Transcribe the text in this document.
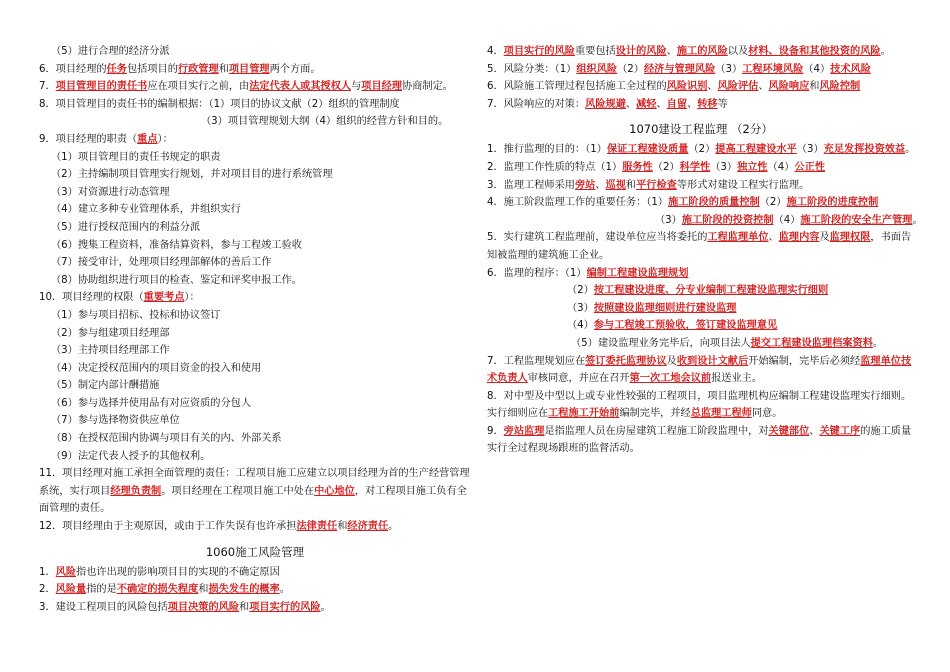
（5）进行合理的经济分派

6．项目经理的任务包括项目的行政管理和项目管理两个方面。

7．项目管理目的责任书应在项目实行之前，由法定代表人或其授权人与项目经理协商制定。

8．项目管理目的责任书的编制根据：（1）项目的协议文献（2）组织的管理制度

（3）项目管理规划大纲（4）组织的经营方针和目的。

9．项目经理的职责（重点）：

（1）项目管理目的责任书规定的职责

（2）主持编制项目管理实行规划，并对项目目的进行系统管理

（3）对资源进行动态管理

（4）建立多种专业管理体系，并组织实行

（5）进行授权范围内的利益分派

（6）搜集工程资料，准备结算资料，参与工程竣工验收

（7）接受审计，处理项目经理部解体的善后工作

（8）协助组织进行项目的检查、鉴定和评奖申报工作。

10．项目经理的权限（重要考点）：

（1）参与项目招标、投标和协议签订

（2）参与组建项目经理部

（3）主持项目经理部工作

（4）决定授权范围内的项目资金的投入和使用

（5）制定内部计酬措施

（6）参与选择并使用品有对应资质的分包人

（7）参与选择物资供应单位

（8）在授权范围内协调与项目有关的内、外部关系

（9）法定代表人授予的其他权利。

11．项目经理对施工承担全面管理的责任：工程项目施工应建立以项目经理为首的生产经营管理系统，实行项目经理负责制。项目经理在工程项目施工中处在中心地位，对工程项目施工负有全面管理的责任。

12．项目经理由于主观原因，或由于工作失误有也许承担法律责任和经济责任。

1060施工风险管理

1．风险指也许出现的影响项目目的实现的不确定原因

2．风险量指的是不确定的损失程度和损失发生的概率。

3．建设工程项目的风险包括项目决策的风险和项目实行的风险。

4．项目实行的风险重要包括设计的风险、施工的风险以及材料、设备和其他投资的风险。

5．风险分类：（1）组织风险（2）经济与管理风险（3）工程环境风险（4）技术风险

6．风险施工管理过程包括施工全过程的风险识别、风险评估、风险响应和风险控制

7．风险响应的对策：风险规避、减轻、自留、转移等

1070建设工程监理 （2分）

1．推行监理的目的：（1）保证工程建设质量（2）提高工程建设水平（3）充足发挥投资效益。

2．监理工作性质的特点（1）服务性（2）科学性（3）独立性（4）公正性

3．监理工程师采用旁站、巡视和平行检查等形式对建设工程实行监理。

4．施工阶段监理工作的重要任务：（1）施工阶段的质量控制（2）施工阶段的进度控制

（3）施工阶段的投资控制（4）施工阶段的安全生产管理。

5．实行建筑工程监理前，建设单位应当将委托的工程监理单位、监理内容及监理权限，书面告知被监理的建筑施工企业。

6．监理的程序：（1）编制工程建设监理规划

（2）按工程建设进度、分专业编制工程建设监理实行细则

（3）按照建设监理细则进行建设监理

（4）参与工程竣工预验收，签订建设监理意见

（5）建设监理业务完毕后，向项目法人提交工程建设监理档案资料。

7．工程监理规划应在签订委托监理协议及收到设计文献后开始编制，完毕后必须经监理单位技术负责人审核同意，并应在召开第一次工地会议前报送业主。

8．对中型及中型以上或专业性较强的工程项目，项目监理机构应编制工程建设监理实行细则。实行细则应在工程施工开始前编制完毕，并经总监理工程师同意。

9．旁站监理是指监理人员在房屋建筑工程施工阶段监理中，对关键部位、关键工序的施工质量实行全过程现场跟班的监督活动。
